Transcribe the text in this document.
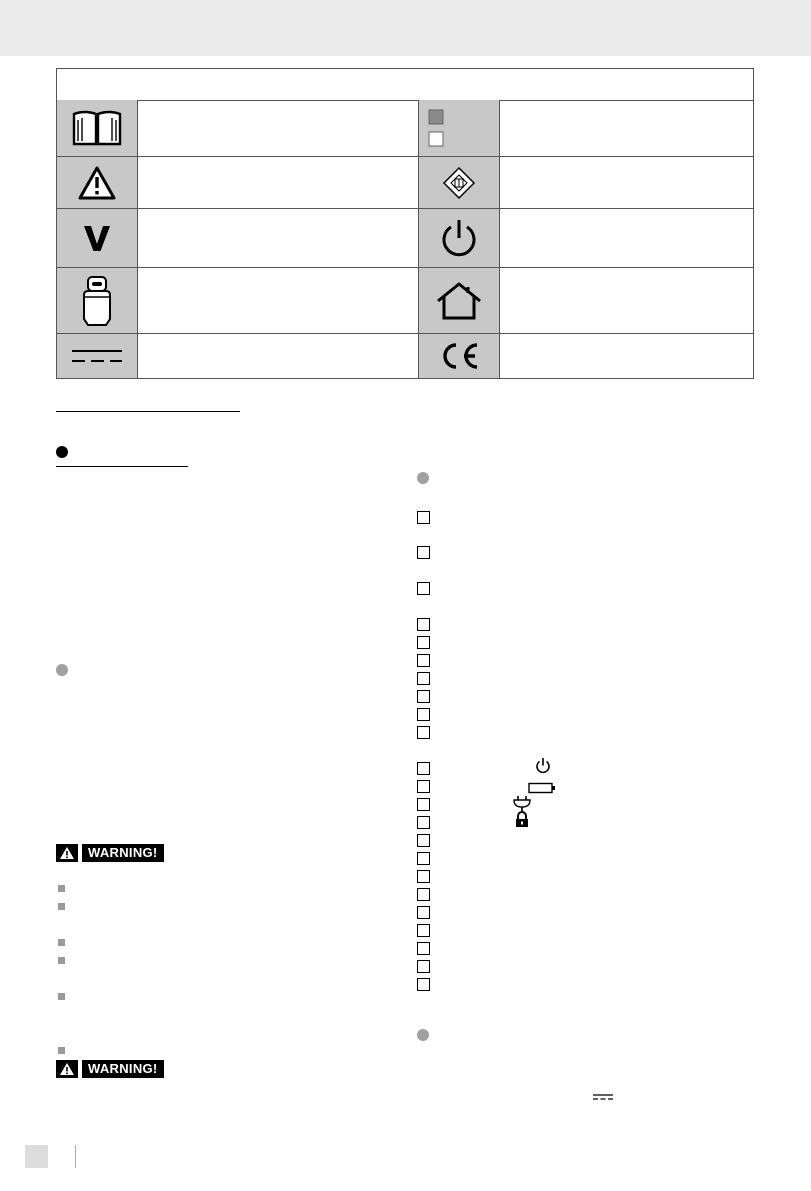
WARNING!
WARNING!
